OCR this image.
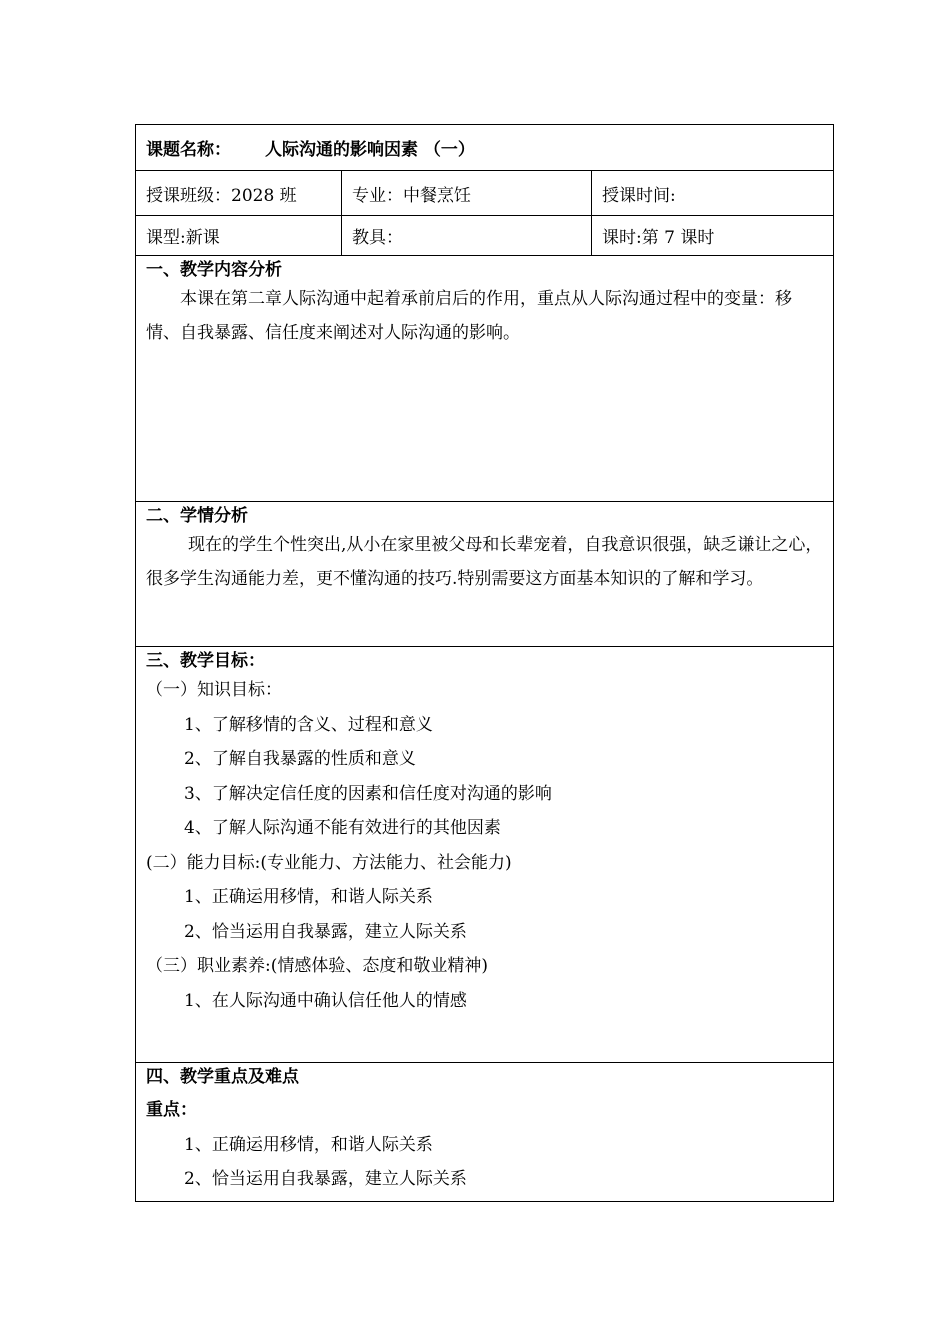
课题名称： 人际沟通的影响因素 （一）
授课班级：2028 班	专业：中餐烹饪	授课时间:
课型:新课	教具：	课时:第 7 课时
一、教学内容分析

本课在第二章人际沟通中起着承前启后的作用，重点从人际沟通过程中的变量：移情、自我暴露、信任度来阐述对人际沟通的影响。

二、学情分析

现在的学生个性突出,从小在家里被父母和长辈宠着，自我意识很强，缺乏谦让之心，很多学生沟通能力差，更不懂沟通的技巧.特别需要这方面基本知识的了解和学习。

三、教学目标：

（一）知识目标：

1、了解移情的含义、过程和意义

2、了解自我暴露的性质和意义

3、了解决定信任度的因素和信任度对沟通的影响

4、了解人际沟通不能有效进行的其他因素

(二）能力目标:(专业能力、方法能力、社会能力)

1、正确运用移情，和谐人际关系

2、恰当运用自我暴露，建立人际关系

（三）职业素养:(情感体验、态度和敬业精神)

1、在人际沟通中确认信任他人的情感

四、教学重点及难点

重点：

1、正确运用移情，和谐人际关系

2、恰当运用自我暴露，建立人际关系
